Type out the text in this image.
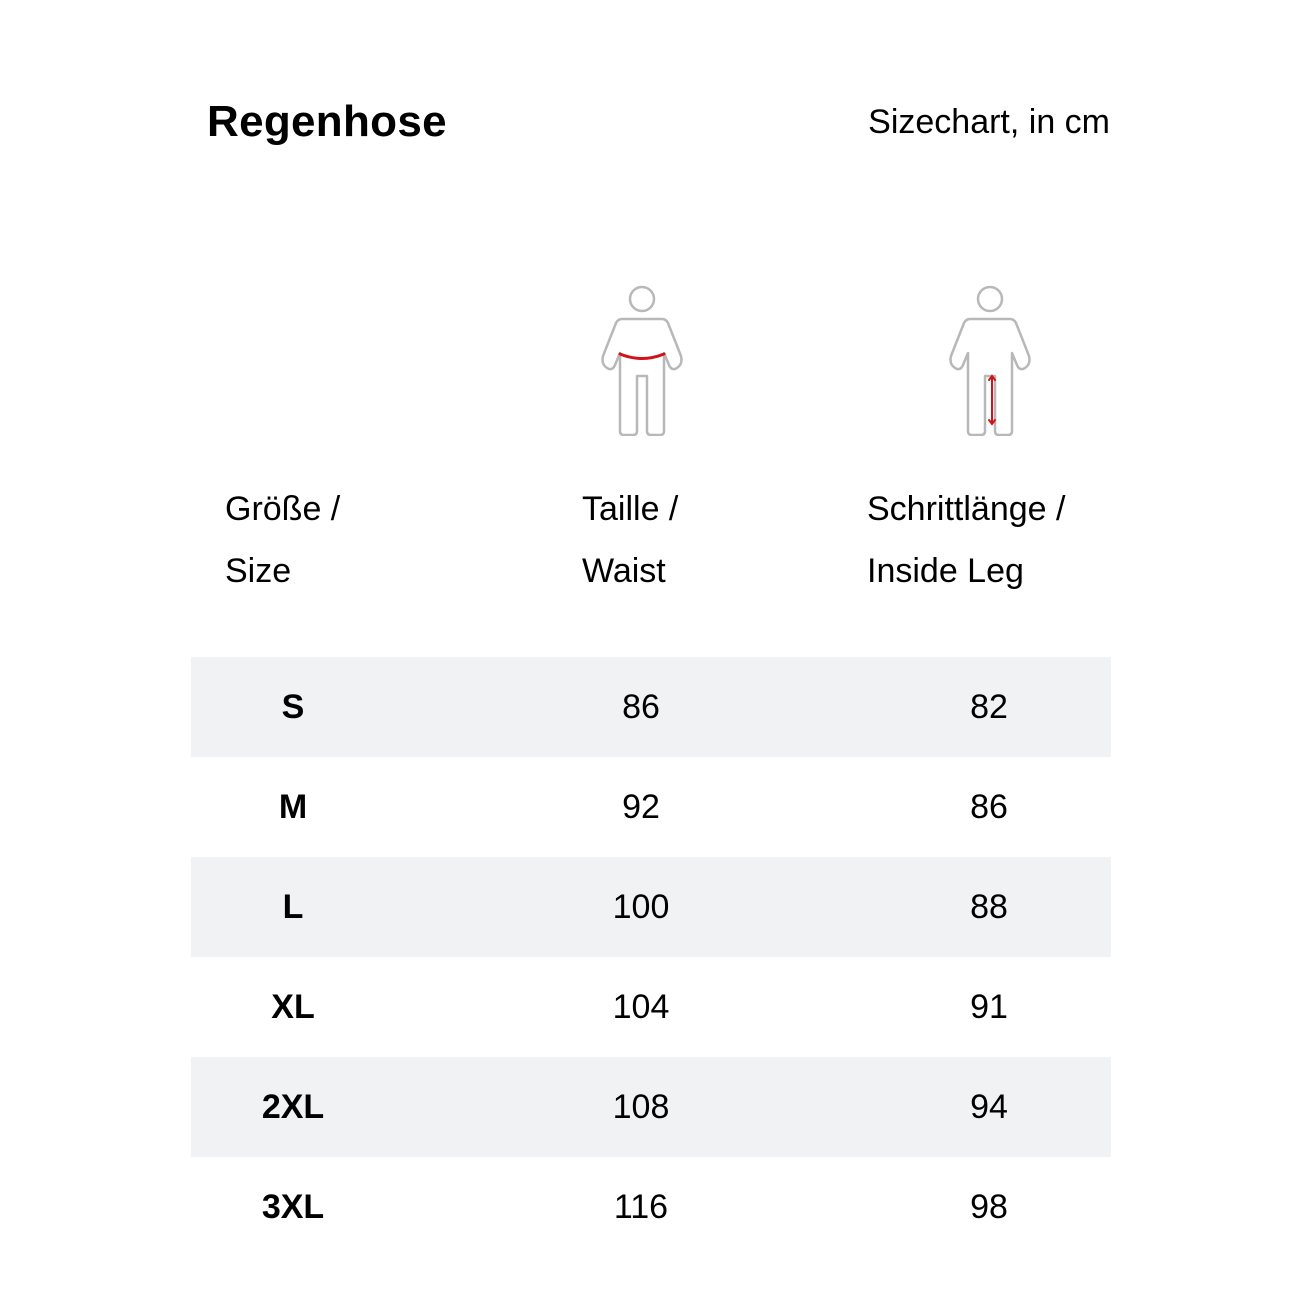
Regenhose	Sizechart, in cm
Größe /
Size
Taille /
Waist
Schrittlänge /
Inside Leg
S	86	82
M	92	86
L	100	88
XL	104	91
2XL	108	94
3XL	116	98
